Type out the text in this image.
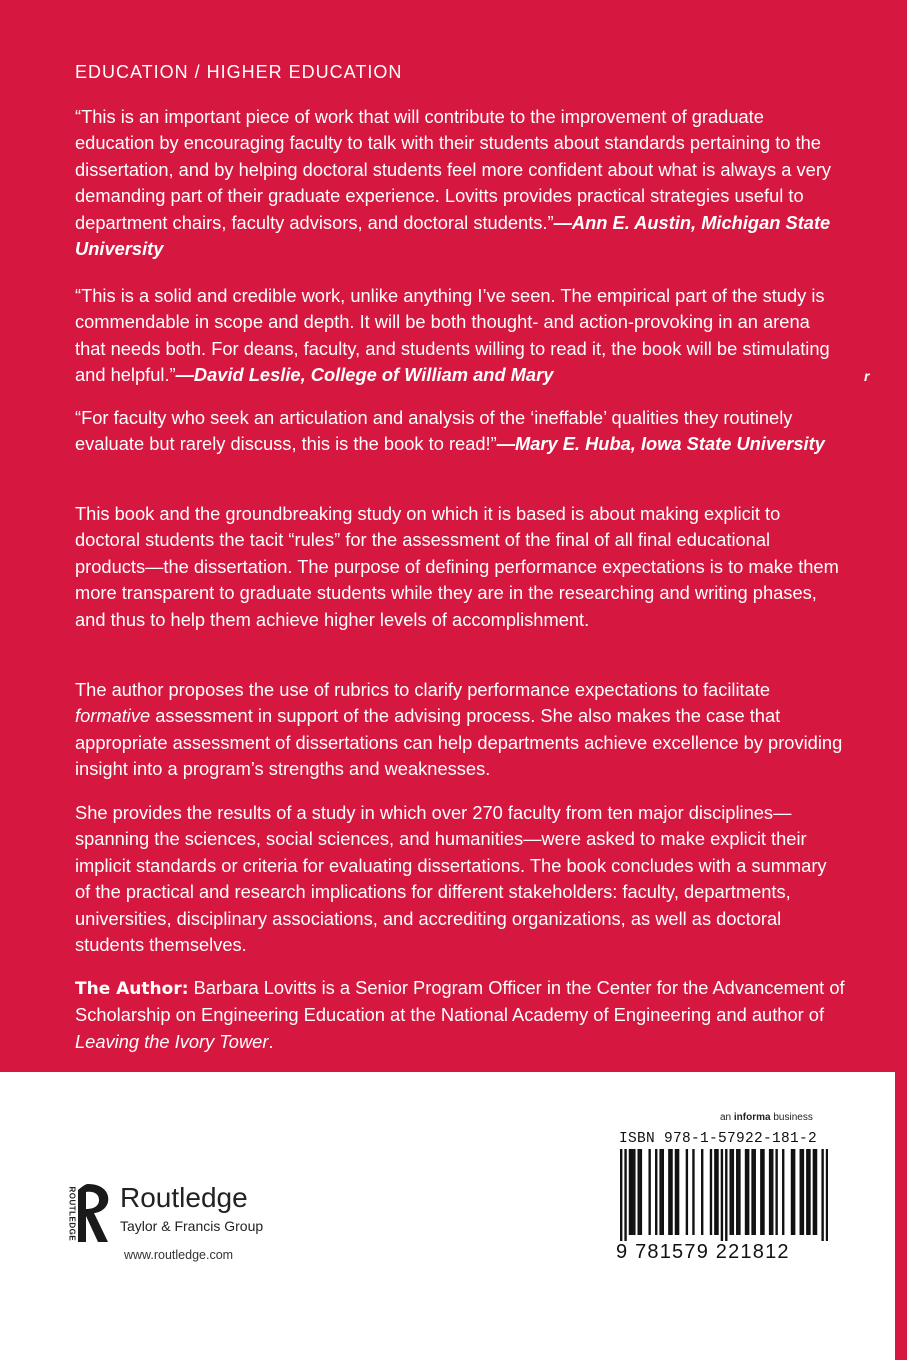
EDUCATION / HIGHER EDUCATION

“This is an important piece of work that will contribute to the improvement of graduate education by encouraging faculty to talk with their students about standards pertaining to the dissertation, and by helping doctoral students feel more confident about what is always a very demanding part of their graduate experience. Lovitts provides practical strategies useful to department chairs, faculty advisors, and doctoral students.”—Ann E. Austin, Michigan State University

“This is a solid and credible work, unlike anything I’ve seen. The empirical part of the study is commendable in scope and depth. It will be both thought- and action-provoking in an arena that needs both. For deans, faculty, and students willing to read it, the book will be stimulating and helpful.”—David Leslie, College of William and Mary	r

“For faculty who seek an articulation and analysis of the ‘ineffable’ qualities they routinely evaluate but rarely discuss, this is the book to read!”—Mary E. Huba, Iowa State University

This book and the groundbreaking study on which it is based is about making explicit to doctoral students the tacit “rules” for the assessment of the final of all final educational products—the dissertation. The purpose of defining performance expectations is to make them more transparent to graduate students while they are in the researching and writing phases, and thus to help them achieve higher levels of accomplishment.

The author proposes the use of rubrics to clarify performance expectations to facilitate formative assessment in support of the advising process. She also makes the case that appropriate assessment of dissertations can help departments achieve excellence by providing insight into a program’s strengths and weaknesses.

She provides the results of a study in which over 270 faculty from ten major disciplines—spanning the sciences, social sciences, and humanities—were asked to make explicit their implicit standards or criteria for evaluating dissertations. The book concludes with a summary of the practical and research implications for different stakeholders: faculty, departments, universities, disciplinary associations, and accrediting organizations, as well as doctoral students themselves.

The Author: Barbara Lovitts is a Senior Program Officer in the Center for the Advancement of Scholarship on Engineering Education at the National Academy of Engineering and author of Leaving the Ivory Tower.

ROUTLEDGE Routledge
Taylor & Francis Group
www.routledge.com
an informa business
ISBN 978-1-57922-181-2
9 781579 221812
